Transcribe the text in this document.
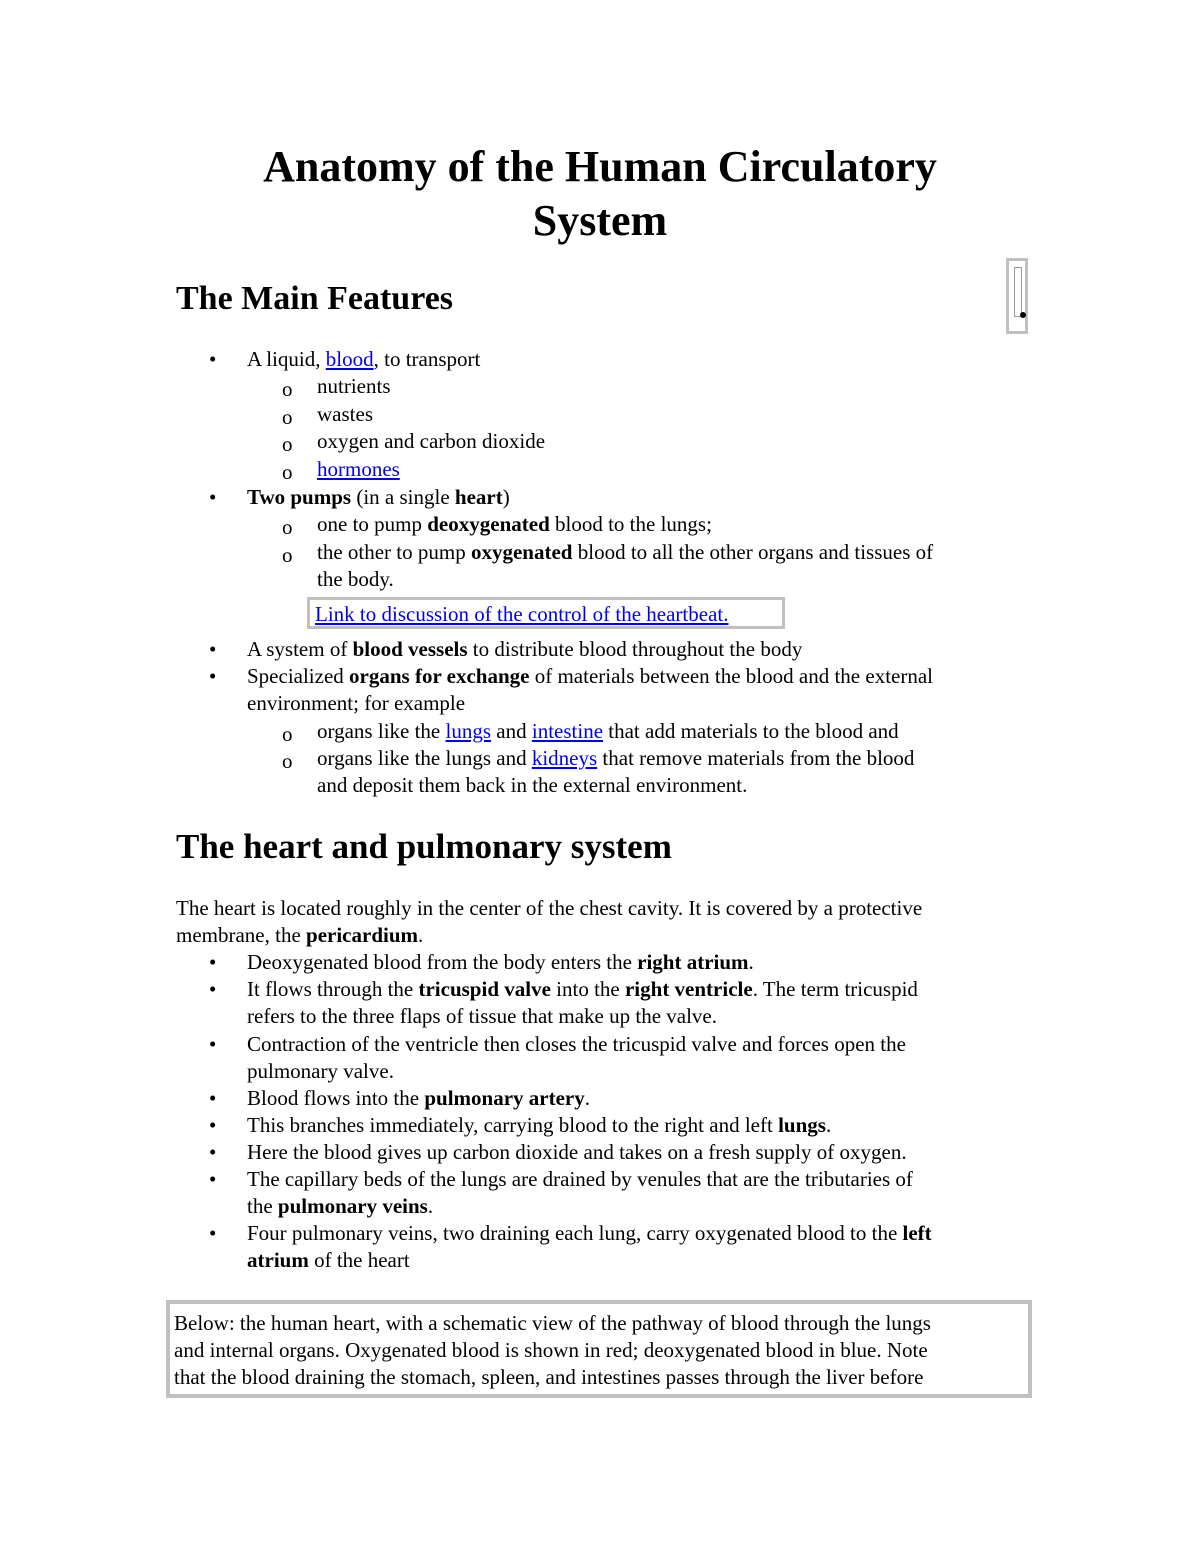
Anatomy of the Human Circulatory
System
The Main Features
• A liquid, blood, to transport
o nutrients
o wastes
o oxygen and carbon dioxide
o hormones
• Two pumps (in a single heart)
o one to pump deoxygenated blood to the lungs;
o the other to pump oxygenated blood to all the other organs and tissues of
the body.
Link to discussion of the control of the heartbeat.
• A system of blood vessels to distribute blood throughout the body
• Specialized organs for exchange of materials between the blood and the external
environment; for example
o organs like the lungs and intestine that add materials to the blood and
o organs like the lungs and kidneys that remove materials from the blood
and deposit them back in the external environment.
The heart and pulmonary system
The heart is located roughly in the center of the chest cavity. It is covered by a protective
membrane, the pericardium.
• Deoxygenated blood from the body enters the right atrium.
• It flows through the tricuspid valve into the right ventricle. The term tricuspid
refers to the three flaps of tissue that make up the valve.
• Contraction of the ventricle then closes the tricuspid valve and forces open the
pulmonary valve.
• Blood flows into the pulmonary artery.
• This branches immediately, carrying blood to the right and left lungs.
• Here the blood gives up carbon dioxide and takes on a fresh supply of oxygen.
• The capillary beds of the lungs are drained by venules that are the tributaries of
the pulmonary veins.
• Four pulmonary veins, two draining each lung, carry oxygenated blood to the left
atrium of the heart
Below: the human heart, with a schematic view of the pathway of blood through the lungs
and internal organs. Oxygenated blood is shown in red; deoxygenated blood in blue. Note
that the blood draining the stomach, spleen, and intestines passes through the liver before
